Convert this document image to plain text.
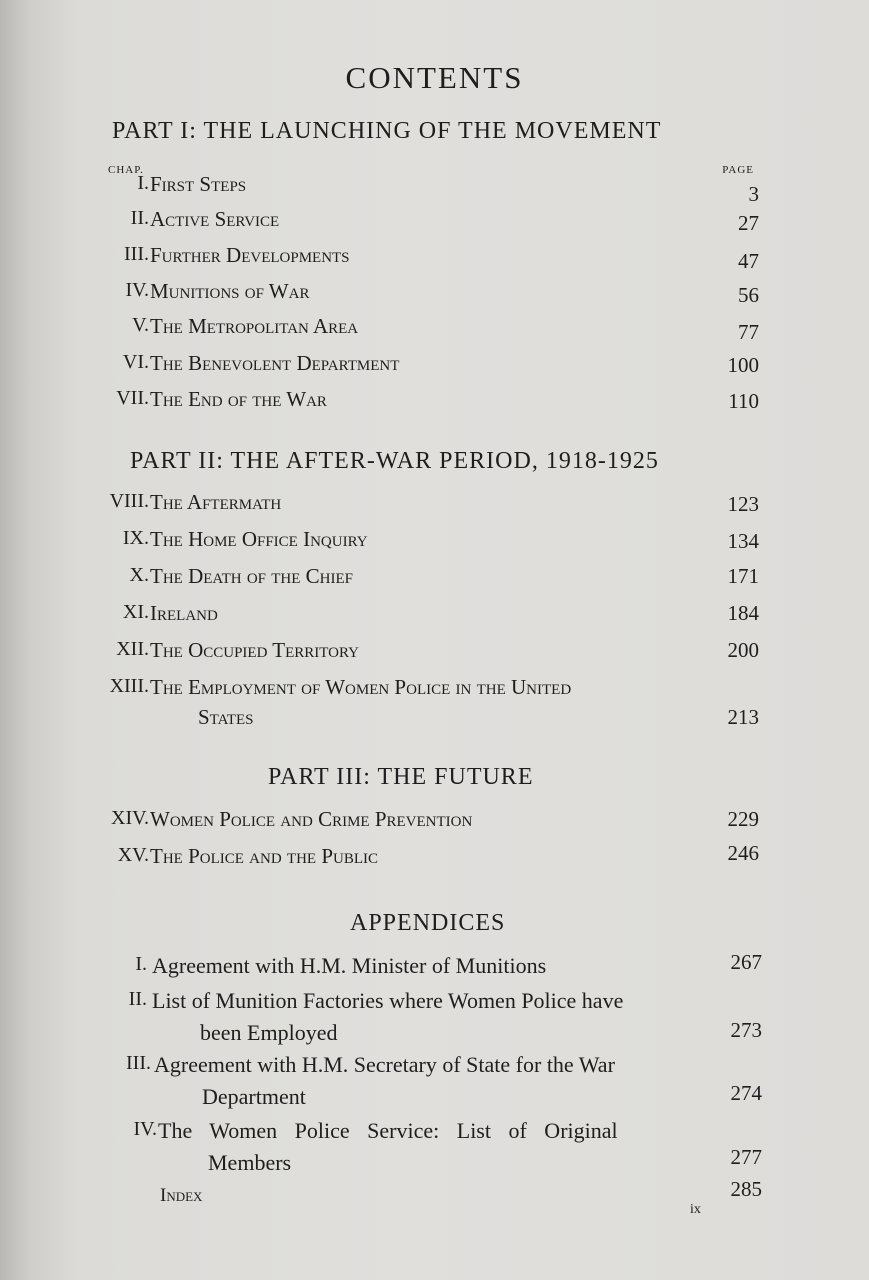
CONTENTS
PART I: THE LAUNCHING OF THE MOVEMENT
CHAP.	PAGE
I. First Steps	3
II. Active Service	27
III. Further Developments	47
IV. Munitions of War	56
V. The Metropolitan Area	77
VI. The Benevolent Department	100
VII. The End of the War	110
PART II: THE AFTER-WAR PERIOD, 1918-1925
VIII. The Aftermath	123
IX. The Home Office Inquiry	134
X. The Death of the Chief	171
XI. Ireland	184
XII. The Occupied Territory	200
XIII. The Employment of Women Police in the United
States	213
PART III: THE FUTURE
XIV. Women Police and Crime Prevention	229
XV. The Police and the Public	246
APPENDICES
I. Agreement with H.M. Minister of Munitions	267
II. List of Munition Factories where Women Police have
been Employed	273
III. Agreement with H.M. Secretary of State for the War
Department	274
IV. The Women Police Service: List of Original
Members	277
Index	285
ix
